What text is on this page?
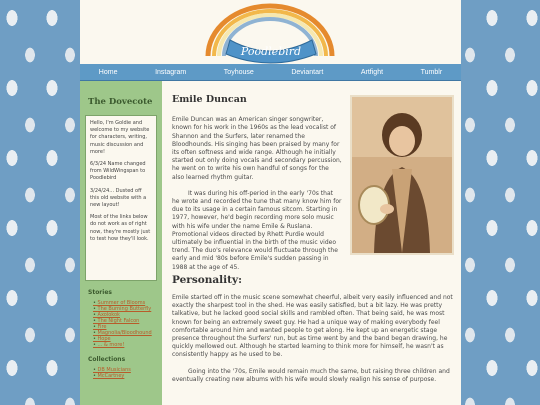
Poodlebird
Home	Instagram	Toyhouse	Deviantart	Artfight	Tumblr
The Dovecote

Hello, I'm Goldie and welcome to my website for characters, writing, music discussion and more!

6/3/24 Name changed from WildWingspan to Poodlebird

3/24/24... Dusted off this old website with a new layout!

Most of the links below do not work as of right now, they're mostly just to test how they'll look.

Stories
• Summer of Blooms
• The Burning Butterfly
• Axolokok
• The Night Falcon
• Fire
• Magnolia/Bloodhound
• Hope
• ... & more!
Collections
• DB Musicians
• McCartney
Emile Duncan

Emile Duncan was an American singer songwriter, known for his work in the 1960s as the lead vocalist of Shannon and the Surfers, later renamed the Bloodhounds. His singing has been praised by many for its often softness and wide range. Although he initially started out only doing vocals and secondary percussion, he went on to write his own handful of songs for the also learned rhythm guitar.

It was during his off-period in the early '70s that he wrote and recorded the tune that many know him for due to its usage in a certain famous sitcom. Starting in 1977, however, he'd begin recording more solo music with his wife under the name Emile & Ruslana. Promotional videos directed by Rhett Purdie would ultimately be influential in the birth of the music video trend. The duo's relevance would fluctuate through the early and mid '80s before Emile's sudden passing in 1988 at the age of 45.

Personality:

Emile started off in the music scene somewhat cheerful, albeit very easily influenced and not exactly the sharpest tool in the shed. He was easily satisfied, but a bit lazy. He was pretty talkative, but he lacked good social skills and rambled often. That being said, he was most known for being an extremely sweet guy. He had a unique way of making everybody feel comfortable around him and wanted people to get along. He kept up an energetic stage presence throughout the Surfers' run, but as time went by and the band began drawing, he quickly mellowed out. Although he started learning to think more for himself, he wasn't as consistently happy as he used to be.

Going into the '70s, Emile would remain much the same, but raising three children and eventually creating new albums with his wife would slowly realign his sense of purpose.
